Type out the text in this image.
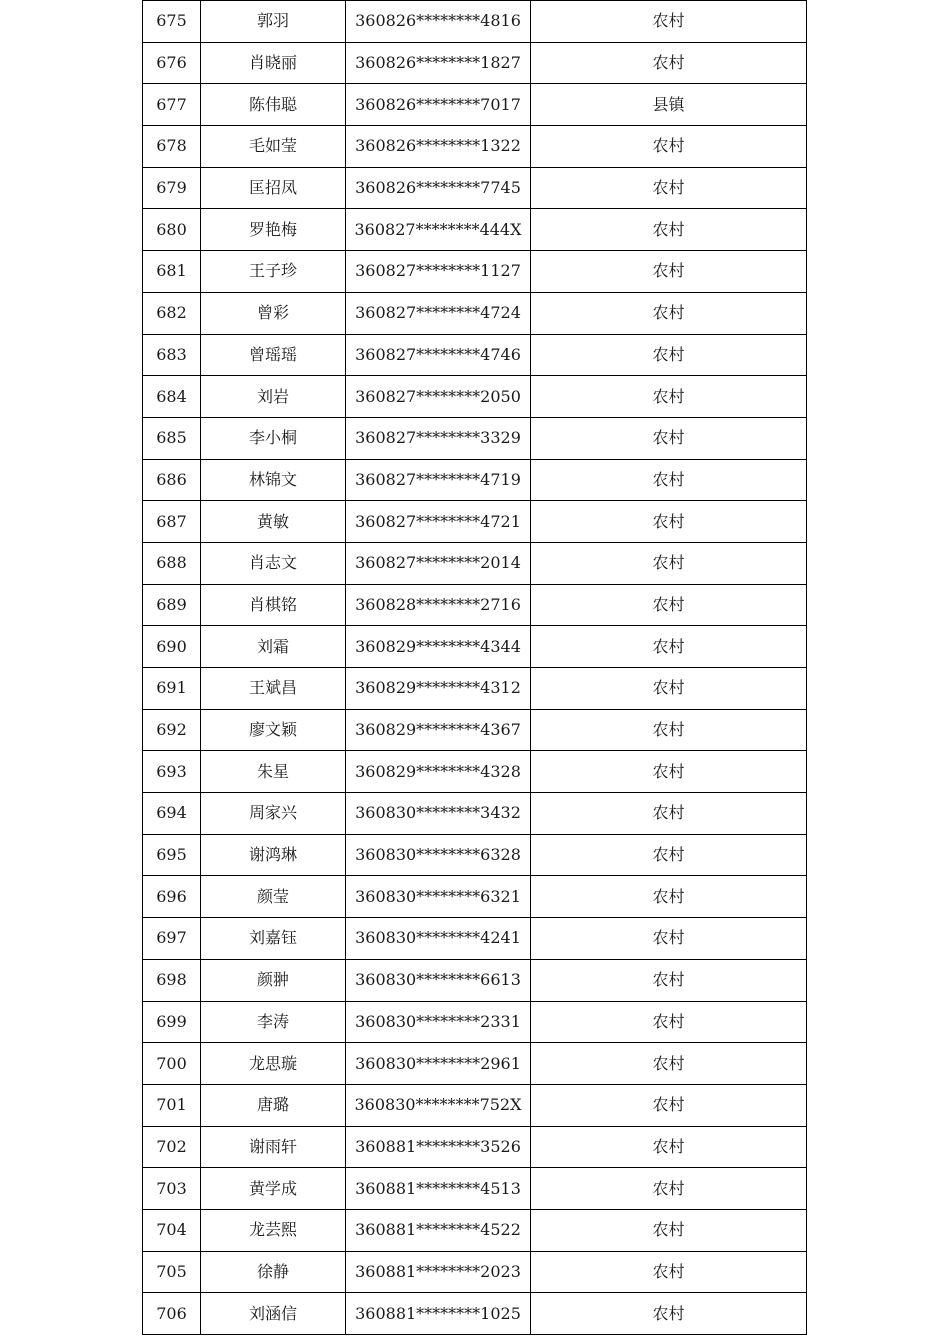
675	郭羽	360826********4816	农村
676	肖晓丽	360826********1827	农村
677	陈伟聪	360826********7017	县镇
678	毛如莹	360826********1322	农村
679	匡招凤	360826********7745	农村
680	罗艳梅	360827********444X	农村
681	王子珍	360827********1127	农村
682	曾彩	360827********4724	农村
683	曾瑶瑶	360827********4746	农村
684	刘岩	360827********2050	农村
685	李小桐	360827********3329	农村
686	林锦文	360827********4719	农村
687	黄敏	360827********4721	农村
688	肖志文	360827********2014	农村
689	肖棋铭	360828********2716	农村
690	刘霜	360829********4344	农村
691	王斌昌	360829********4312	农村
692	廖文颖	360829********4367	农村
693	朱星	360829********4328	农村
694	周家兴	360830********3432	农村
695	谢鸿琳	360830********6328	农村
696	颜莹	360830********6321	农村
697	刘嘉钰	360830********4241	农村
698	颜翀	360830********6613	农村
699	李涛	360830********2331	农村
700	龙思璇	360830********2961	农村
701	唐璐	360830********752X	农村
702	谢雨轩	360881********3526	农村
703	黄学成	360881********4513	农村
704	龙芸熙	360881********4522	农村
705	徐静	360881********2023	农村
706	刘涵信	360881********1025	农村
